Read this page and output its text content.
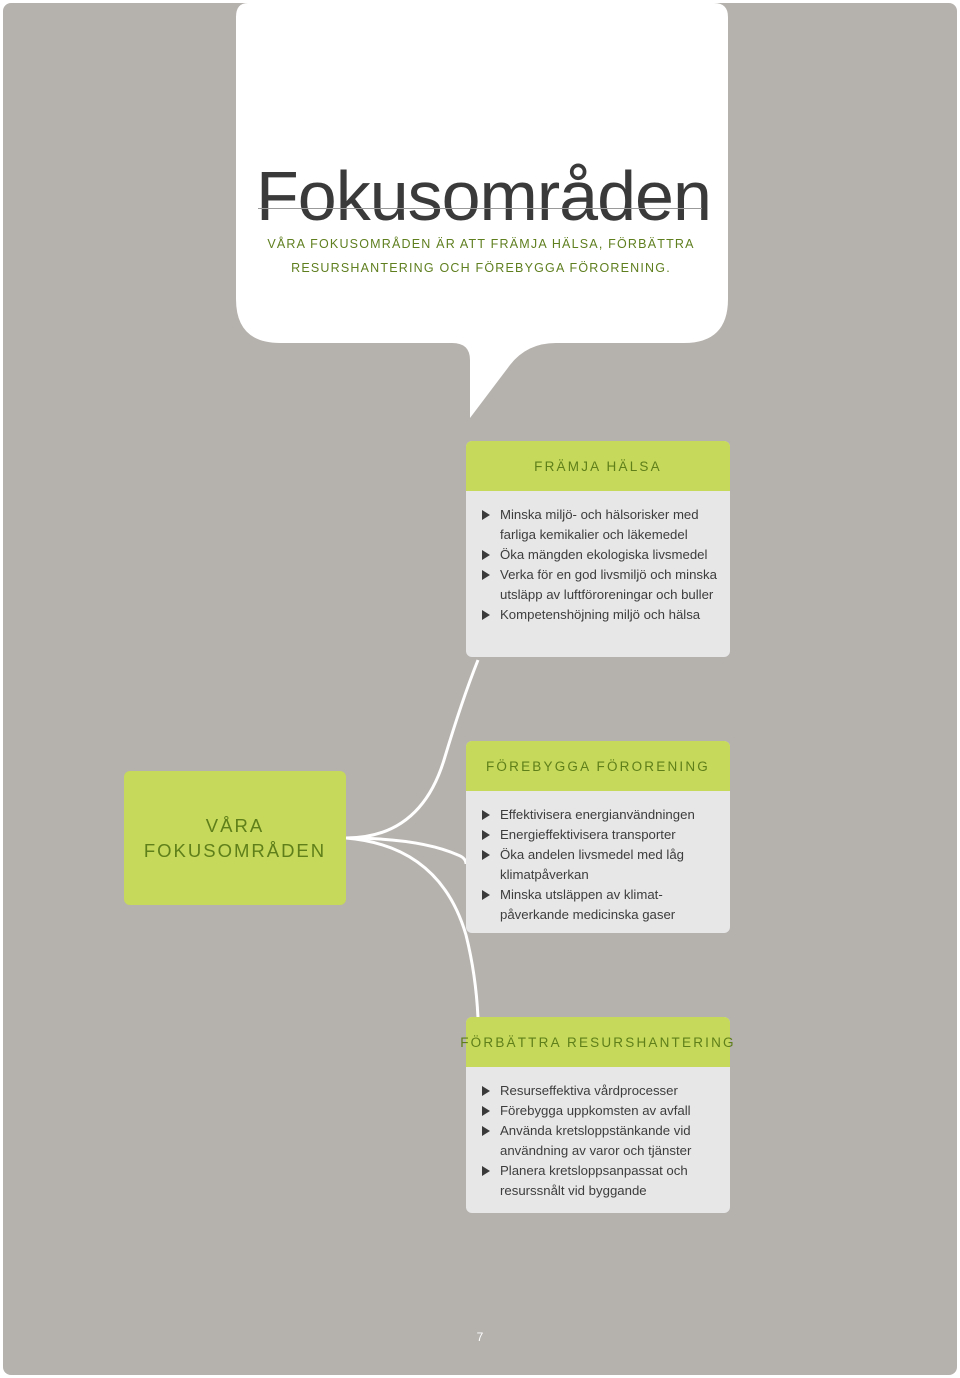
Fokusområden
VÅRA FOKUSOMRÅDEN ÄR ATT FRÄMJA HÄLSA, FÖRBÄTTRA
RESURSHANTERING OCH FÖREBYGGA FÖRORENING.
VÅRA
FOKUSOMRÅDEN
FRÄMJA HÄLSA
Minska miljö- och hälsorisker med farliga kemikalier och läkemedel
Öka mängden ekologiska livsmedel
Verka för en god livsmiljö och minska utsläpp av luftföroreningar och buller
Kompetenshöjning miljö och hälsa
FÖREBYGGA FÖRORENING
Effektivisera energianvändningen
Energieffektivisera transporter
Öka andelen livsmedel med låg klimatpåverkan
Minska utsläppen av klimat-påverkande medicinska gaser
FÖRBÄTTRA RESURSHANTERING
Resurseffektiva vårdprocesser
Förebygga uppkomsten av avfall
Använda kretsloppstänkande vid användning av varor och tjänster
Planera kretsloppsanpassat och resurssnålt vid byggande
7
